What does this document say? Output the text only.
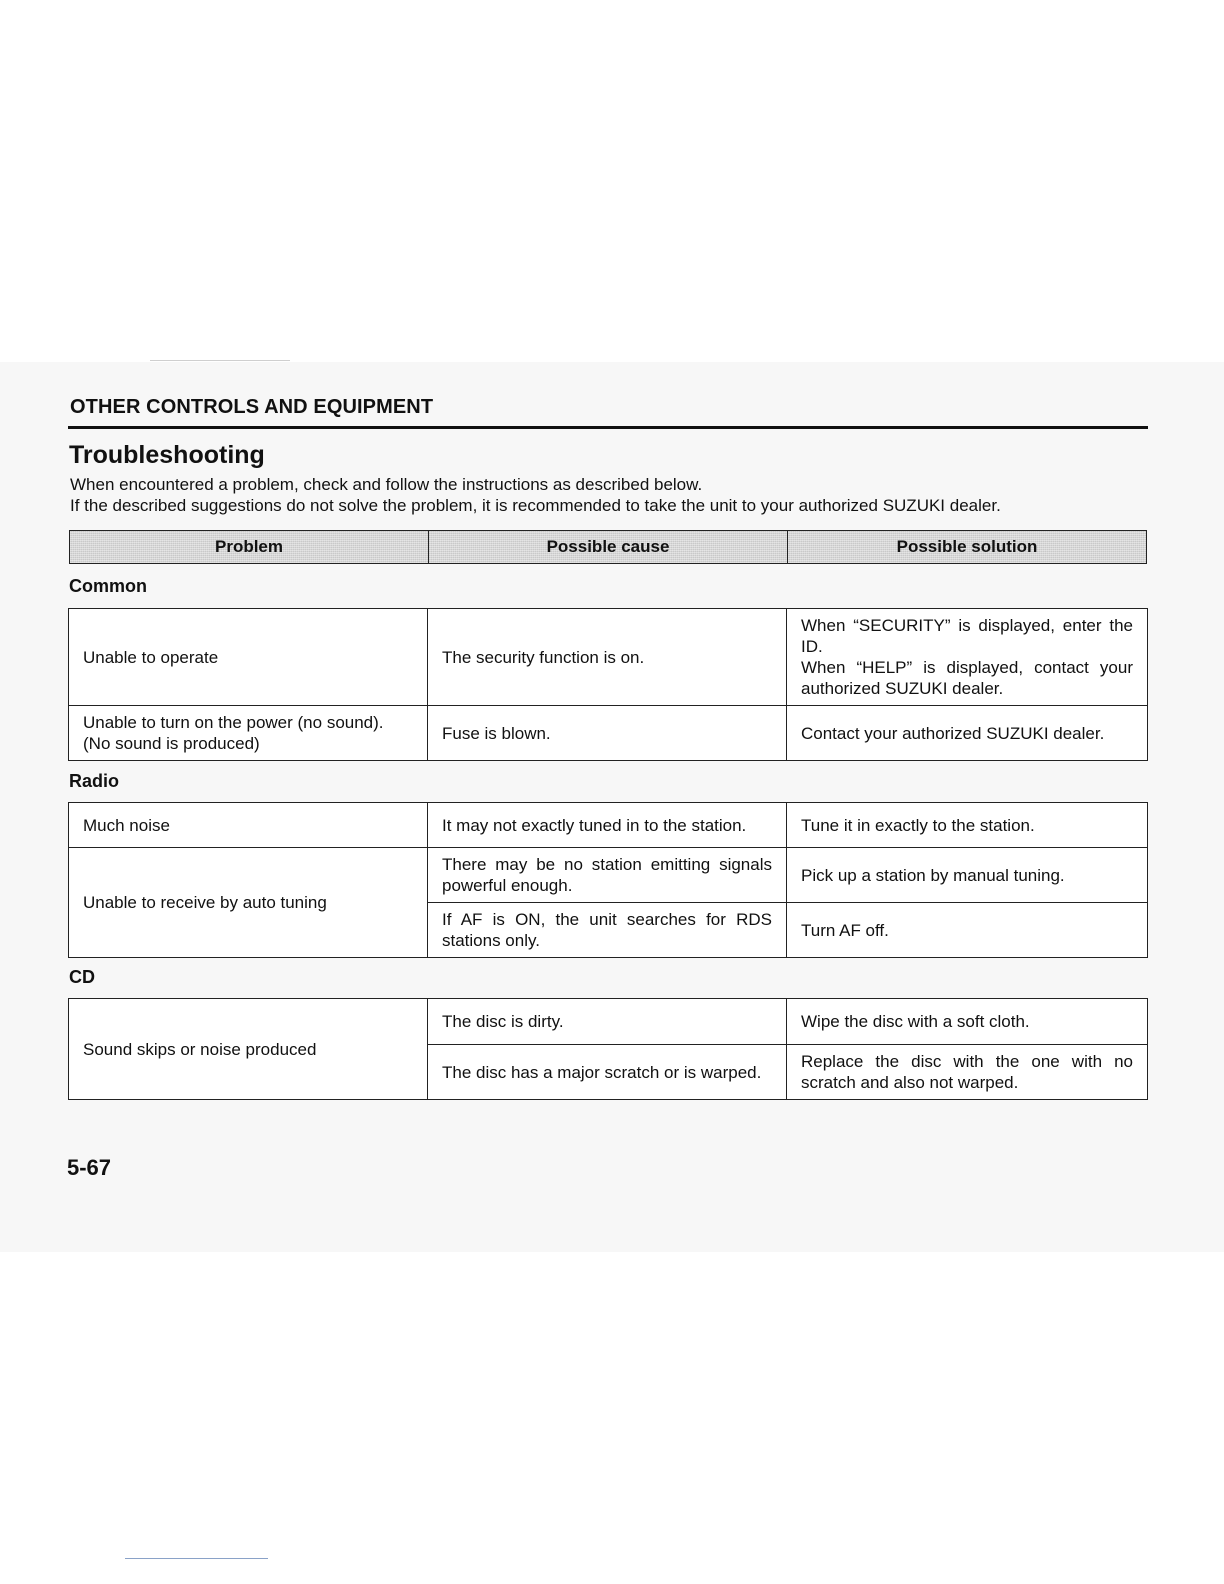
OTHER CONTROLS AND EQUIPMENT
Troubleshooting
When encountered a problem, check and follow the instructions as described below.
If the described suggestions do not solve the problem, it is recommended to take the unit to your authorized SUZUKI dealer.
Problem	Possible cause	Possible solution
Common
Unable to operate	The security function is on.	When “SECURITY” is displayed, enter the ID.
When “HELP” is displayed, contact your authorized SUZUKI dealer.

Unable to turn on the power (no sound).
(No sound is produced)	Fuse is blown.	Contact your authorized SUZUKI dealer.
Radio
Much noise	It may not exactly tuned in to the station.	Tune it in exactly to the station.
Unable to receive by auto tuning	There may be no station emitting signals powerful enough.	Pick up a station by manual tuning.
	If AF is ON, the unit searches for RDS stations only.	Turn AF off.
CD
Sound skips or noise produced	The disc is dirty.	Wipe the disc with a soft cloth.
	The disc has a major scratch or is warped.	Replace the disc with the one with no scratch and also not warped.
5-67
